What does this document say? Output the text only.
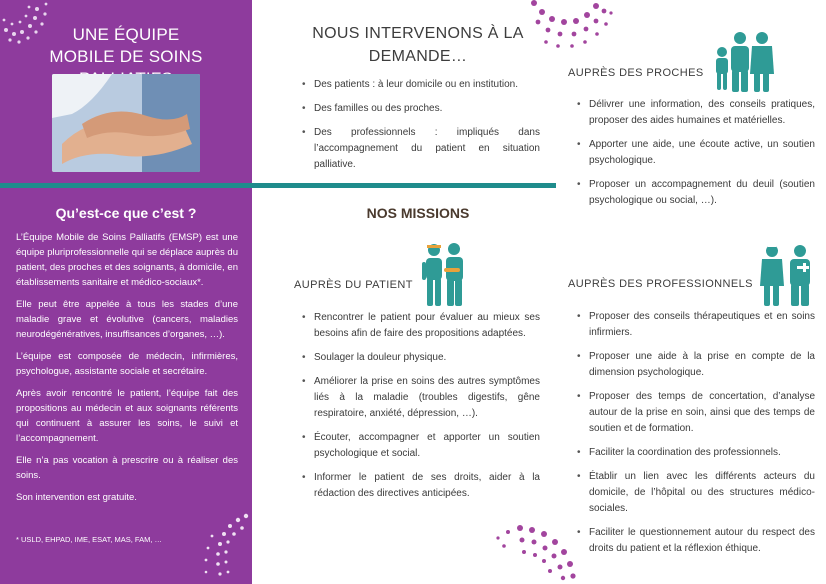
UNE ÉQUIPE
MOBILE DE SOINS
Qu’est-ce que c’est ?

L’Équipe Mobile de Soins Palliatifs (EMSP) est une équipe pluriprofessionnelle qui se déplace auprès du patient, des proches et des soignants, à domicile, en établissements sanitaire et médico-sociaux*.

Elle peut être appelée à tous les stades d’une maladie grave et évolutive (cancers, maladies neurodégénératives, insuffisances d’organes, …).

L’équipe est composée de médecin, infirmières, psychologue, assistante sociale et secrétaire.

Après avoir rencontré le patient, l’équipe fait des propositions au médecin et aux soignants référents qui continuent à assurer les soins, le suivi et l’accompagnement.

Elle n’a pas vocation à prescrire ou à réaliser des soins.

Son intervention est gratuite.

* USLD, EHPAD, IME, ESAT, MAS, FAM, …
NOUS INTERVENONS À LA
DEMANDE…
• Des patients : à leur domicile ou en institution.
• Des familles ou des proches.
• Des professionnels : impliqués dans l’accompagnement du patient en situation palliative.
NOS MISSIONS
AUPRÈS DU PATIENT
• Rencontrer le patient pour évaluer au mieux ses besoins afin de faire des propositions adaptées.
• Soulager la douleur physique.
• Améliorer la prise en soins des autres symptômes liés à la maladie (troubles digestifs, gêne respiratoire, anxiété, dépression, …).
• Écouter, accompagner et apporter un soutien psychologique et social.
• Informer le patient de ses droits, aider à la rédaction des directives anticipées.
AUPRÈS DES PROCHES
• Délivrer une information, des conseils pratiques, proposer des aides humaines et matérielles.
• Apporter une aide, une écoute active, un soutien psychologique.
• Proposer un accompagnement du deuil (soutien psychologique ou social, …).
AUPRÈS DES PROFESSIONNELS
• Proposer des conseils thérapeutiques et en soins infirmiers.
• Proposer une aide à la prise en compte de la dimension psychologique.
• Proposer des temps de concertation, d’analyse autour de la prise en soin, ainsi que des temps de soutien et de formation.
• Faciliter la coordination des professionnels.
• Établir un lien avec les différents acteurs du domicile, de l’hôpital ou des structures médico-sociales.
• Faciliter le questionnement autour du respect des droits du patient et la réflexion éthique.
